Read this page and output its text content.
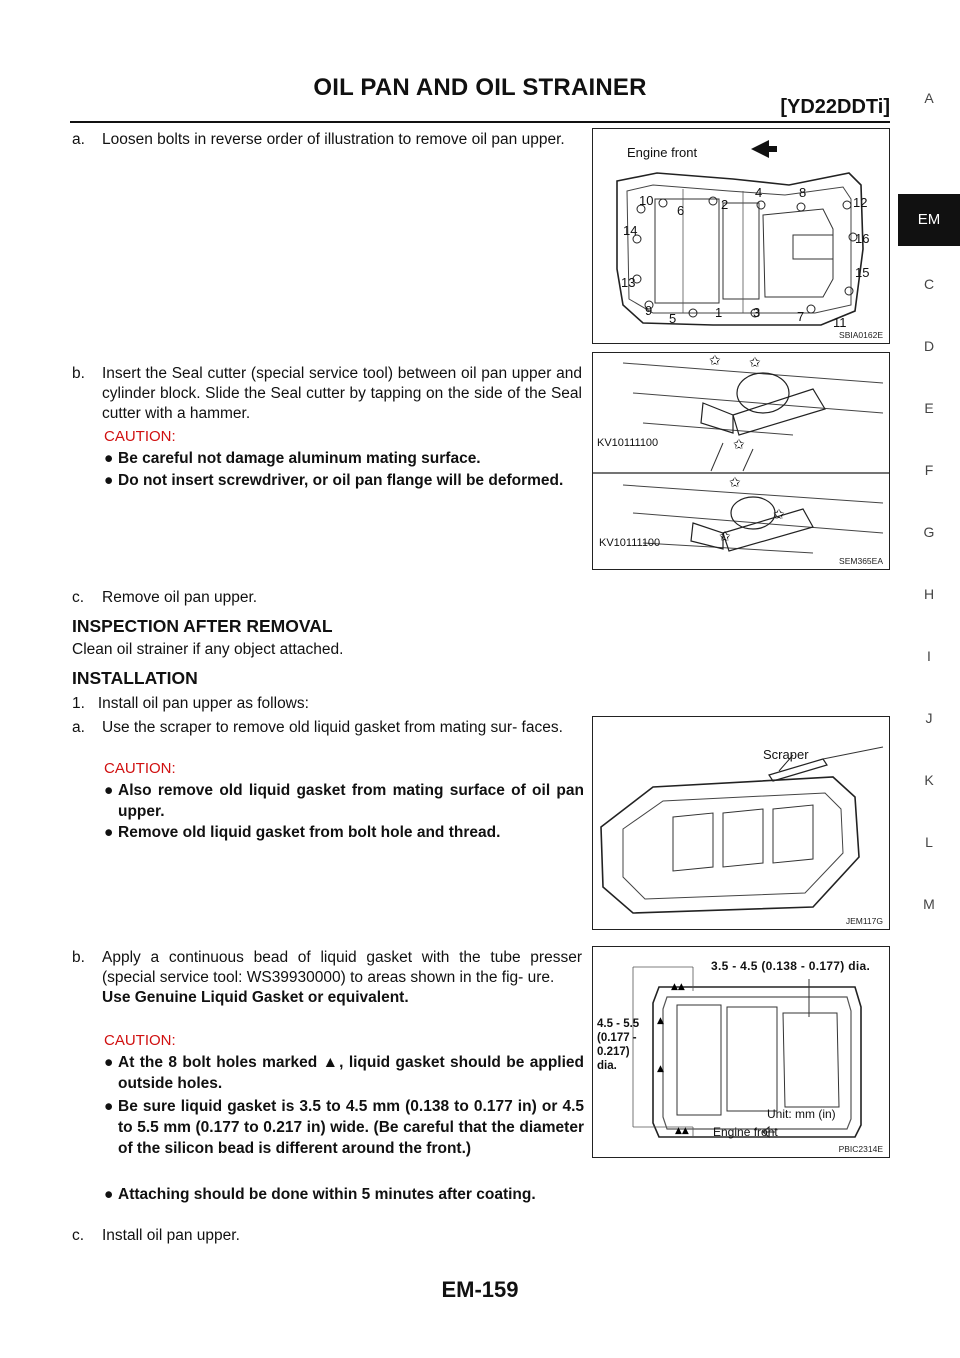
OIL PAN AND OIL STRAINER
[YD22DDTi]	A
EM
C
D
E
F
G
H
I
J
K
L
M
a.	Loosen bolts in reverse order of illustration to remove oil pan upper.
b.	Insert the Seal cutter (special service tool) between oil pan upper and cylinder block. Slide the Seal cutter by tapping on the side of the Seal cutter with a hammer.
CAUTION:
● Be careful not damage aluminum mating surface.
● Do not insert screwdriver, or oil pan flange will be deformed.
c.	Remove oil pan upper.
INSPECTION AFTER REMOVAL
Clean oil strainer if any object attached.
INSTALLATION
1.   Install oil pan upper as follows:
a.	Use the scraper to remove old liquid gasket from mating sur- faces.
CAUTION:
● Also remove old liquid gasket from mating surface of oil pan upper.
● Remove old liquid gasket from bolt hole and thread.
b.	Apply a continuous bead of liquid gasket with the tube presser (special service tool: WS39930000) to areas shown in the fig- ure.
Use Genuine Liquid Gasket or equivalent.
CAUTION:
● At the 8 bolt holes marked ▲, liquid gasket should be applied outside holes.
● Be sure liquid gasket is 3.5 to 4.5 mm (0.138 to 0.177 in) or 4.5 to 5.5 mm (0.177 to 0.217 in) wide. (Be careful that the diameter of the silicon bead is different around the front.)
● Attaching should be done within 5 minutes after coating.
c.	Install oil pan upper.
Engine front
10
6	2
4	8
12
14
16
15
13
9
5	1 3	7 11
SBIA0162E
✩ ✩
✩
✩
✩
✩
KV10111100
KV10111100
SEM365EA
Scraper
JEM117G
▲▲
▲
▲
▲▲
3.5 - 4.5 (0.138 - 0.177) dia.
4.5 - 5.5
(0.177 -
0.217)
dia.
Unit: mm (in)
Engine front
PBIC2314E
EM-159
